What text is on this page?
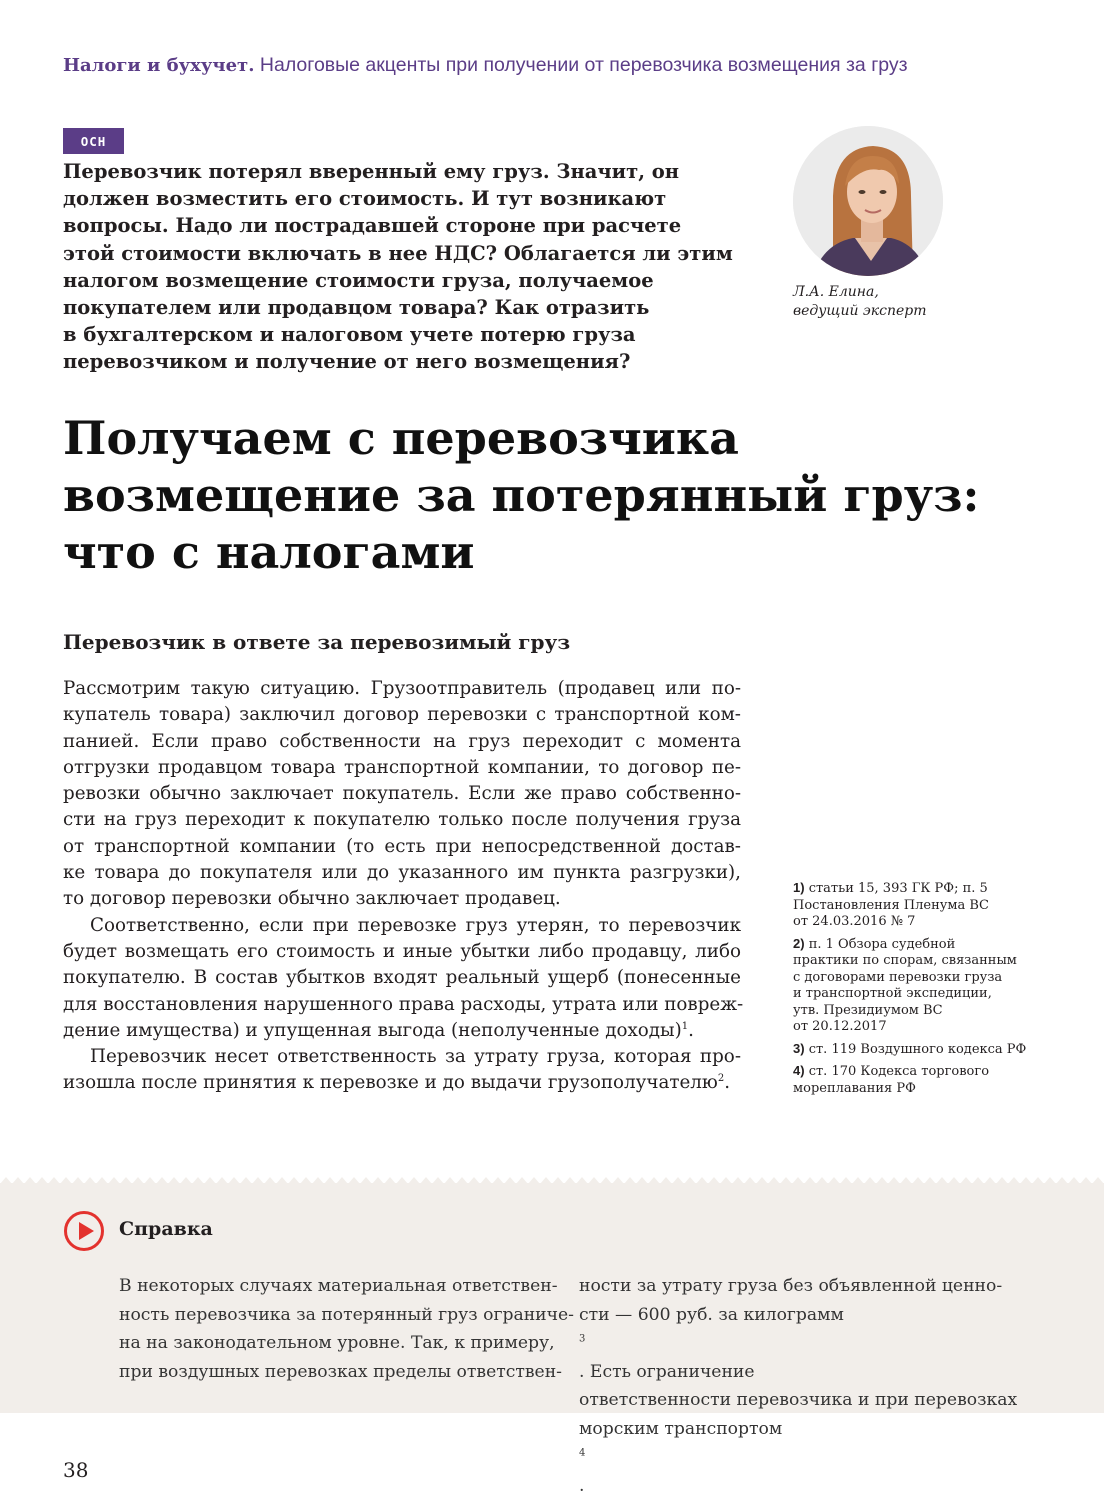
Налоги и бухучет. Налоговые акценты при получении от перевозчика возмещения за груз
ОСН
Перевозчик потерял вверенный ему груз. Значит, он
должен возместить его стоимость. И тут возникают
вопросы. Надо ли пострадавшей стороне при расчете
этой стоимости включать в нее НДС? Облагается ли этим
налогом возмещение стоимости груза, получаемое
покупателем или продавцом товара? Как отразить
в бухгалтерском и налоговом учете потерю груза
перевозчиком и получение от него возмещения?
Л.А. Елина,
ведущий эксперт
Получаем с перевозчика
возмещение за потерянный груз:
что с налогами
Перевозчик в ответе за перевозимый груз
Рассмотрим такую ситуацию. Грузоотправитель (продавец или по-
купатель товара) заключил договор перевозки с транспортной ком-
панией. Если право собственности на груз переходит с момента
отгрузки продавцом товара транспортной компании, то договор пе-
ревозки обычно заключает покупатель. Если же право собственно-
сти на груз переходит к покупателю только после получения груза
от транспортной компании (то есть при непосредственной достав-
ке товара до покупателя или до указанного им пункта разгрузки),
то договор перевозки обычно заключает продавец.
Соответственно, если при перевозке груз утерян, то перевозчик
будет возмещать его стоимость и иные убытки либо продавцу, либо
покупателю. В состав убытков входят реальный ущерб (понесенные
для восстановления нарушенного права расходы, утрата или повреж-
дение имущества) и упущенная выгода (неполученные доходы)$^1$.
Перевозчик несет ответственность за утрату груза, которая про-
изошла после принятия к перевозке и до выдачи грузополучателю$^2$.
1) статьи 15, 393 ГК РФ; п. 5
Постановления Пленума ВС
от 24.03.2016 № 7
2) п. 1 Обзора судебной
практики по спорам, связанным
с договорами перевозки груза
и транспортной экспедиции,
утв. Президиумом ВС
от 20.12.2017
3) ст. 119 Воздушного кодекса РФ
4) ст. 170 Кодекса торгового
мореплавания РФ
Справка
В некоторых случаях материальная ответствен-
ность перевозчика за потерянный груз ограниче-
на на законодательном уровне. Так, к примеру,
при воздушных перевозках пределы ответствен-
ности за утрату груза без объявленной ценно-
сти — 600 руб. за килограмм
$^3$
. Есть ограничение
ответственности перевозчика и при перевозках
морским транспортом
$^4$
.
38
